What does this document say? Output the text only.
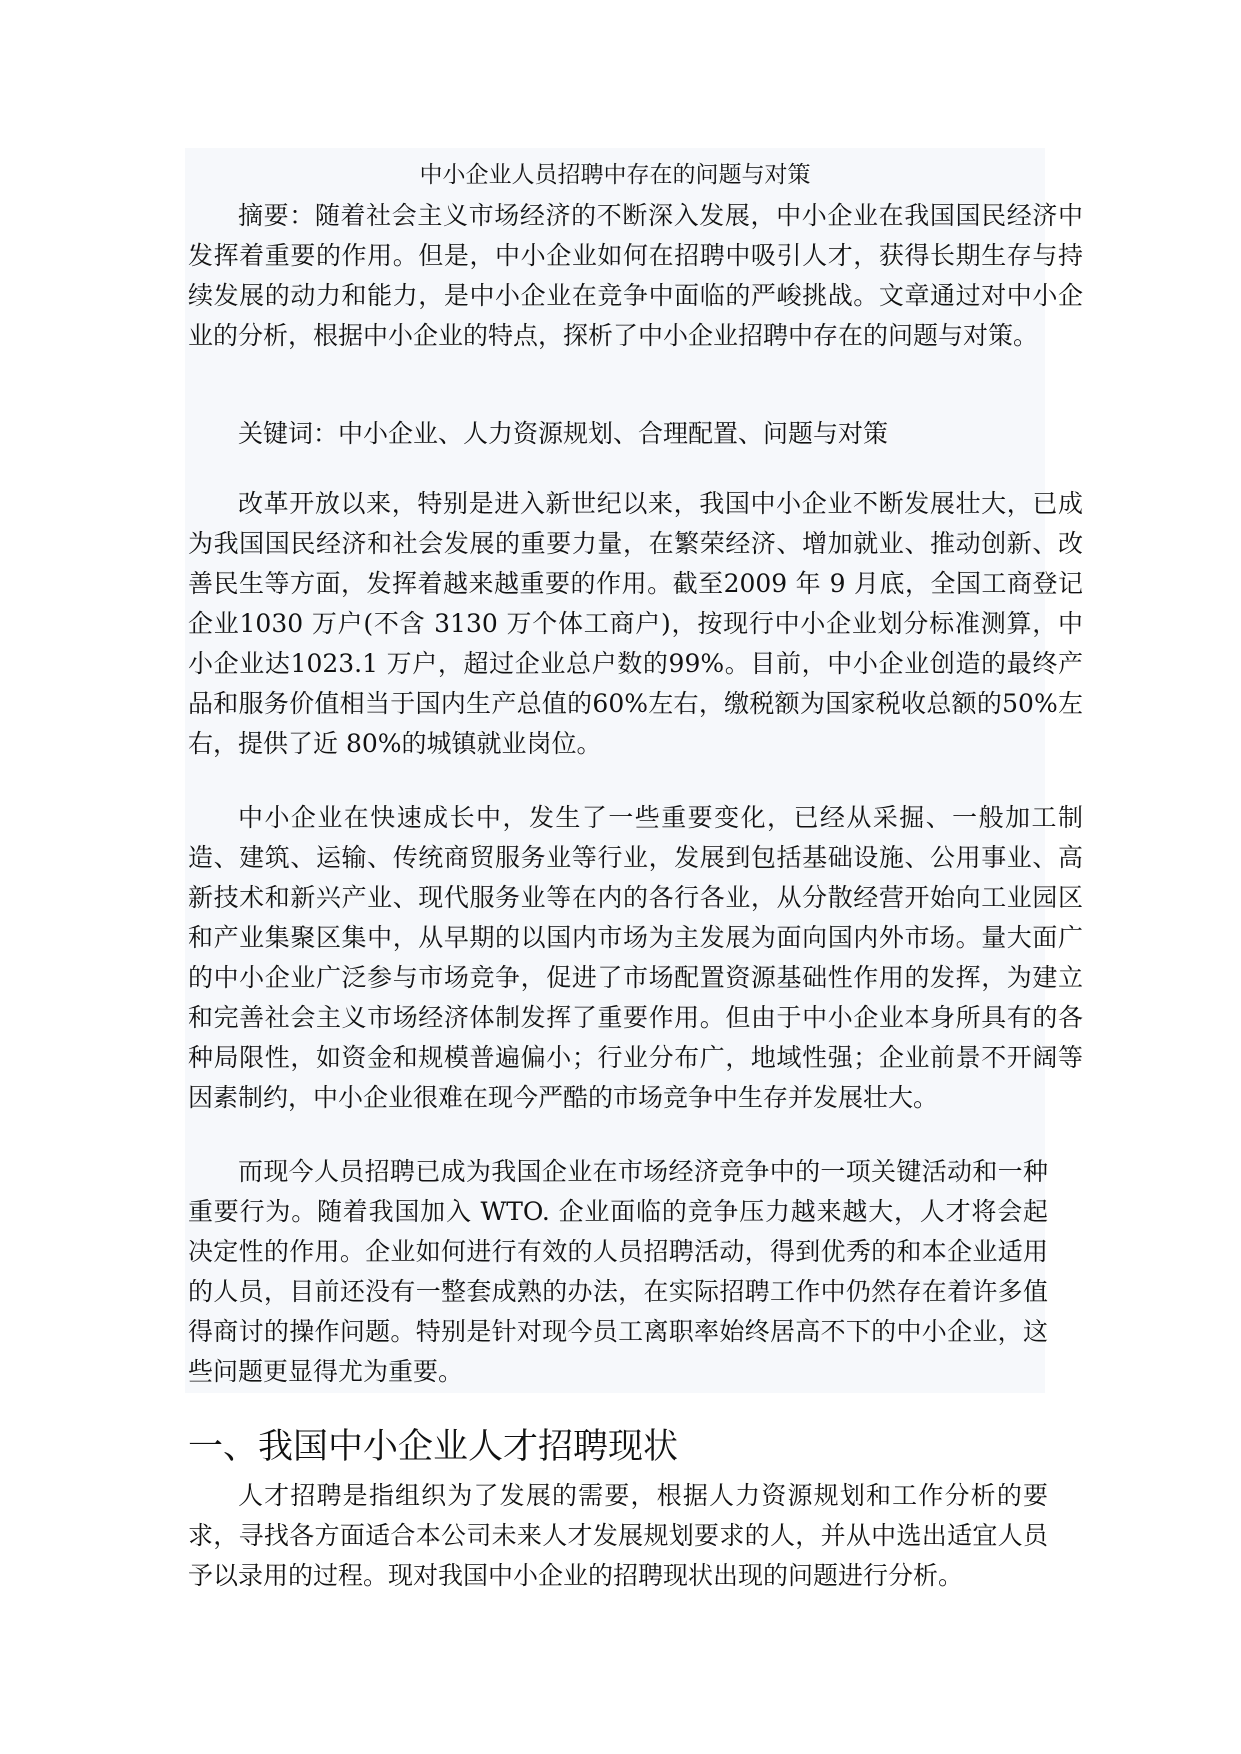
中小企业人员招聘中存在的问题与对策

摘要：随着社会主义市场经济的不断深入发展，中小企业在我国国民经济中发挥着重要的作用。但是，中小企业如何在招聘中吸引人才，获得长期生存与持续发展的动力和能力，是中小企业在竞争中面临的严峻挑战。文章通过对中小企业的分析，根据中小企业的特点，探析了中小企业招聘中存在的问题与对策。

关键词：中小企业、人力资源规划、合理配置、问题与对策

改革开放以来，特别是进入新世纪以来，我国中小企业不断发展壮大，已成为我国国民经济和社会发展的重要力量，在繁荣经济、增加就业、推动创新、改善民生等方面，发挥着越来越重要的作用。截至2009 年 9 月底，全国工商登记企业1030 万户(不含 3130 万个体工商户)，按现行中小企业划分标准测算，中小企业达1023.1 万户，超过企业总户数的99%。目前，中小企业创造的最终产品和服务价值相当于国内生产总值的60%左右，缴税额为国家税收总额的50%左右，提供了近 80%的城镇就业岗位。

中小企业在快速成长中，发生了一些重要变化，已经从采掘、一般加工制造、建筑、运输、传统商贸服务业等行业，发展到包括基础设施、公用事业、高新技术和新兴产业、现代服务业等在内的各行各业，从分散经营开始向工业园区和产业集聚区集中，从早期的以国内市场为主发展为面向国内外市场。量大面广的中小企业广泛参与市场竞争，促进了市场配置资源基础性作用的发挥，为建立和完善社会主义市场经济体制发挥了重要作用。但由于中小企业本身所具有的各种局限性，如资金和规模普遍偏小；行业分布广，地域性强；企业前景不开阔等因素制约，中小企业很难在现今严酷的市场竞争中生存并发展壮大。

而现今人员招聘已成为我国企业在市场经济竞争中的一项关键活动和一种重要行为。随着我国加入 WTO. 企业面临的竞争压力越来越大，人才将会起决定性的作用。企业如何进行有效的人员招聘活动，得到优秀的和本企业适用的人员，目前还没有一整套成熟的办法，在实际招聘工作中仍然存在着许多值得商讨的操作问题。特别是针对现今员工离职率始终居高不下的中小企业，这些问题更显得尤为重要。

一、我国中小企业人才招聘现状

人才招聘是指组织为了发展的需要，根据人力资源规划和工作分析的要求，寻找各方面适合本公司未来人才发展规划要求的人，并从中选出适宜人员予以录用的过程。现对我国中小企业的招聘现状出现的问题进行分析。
